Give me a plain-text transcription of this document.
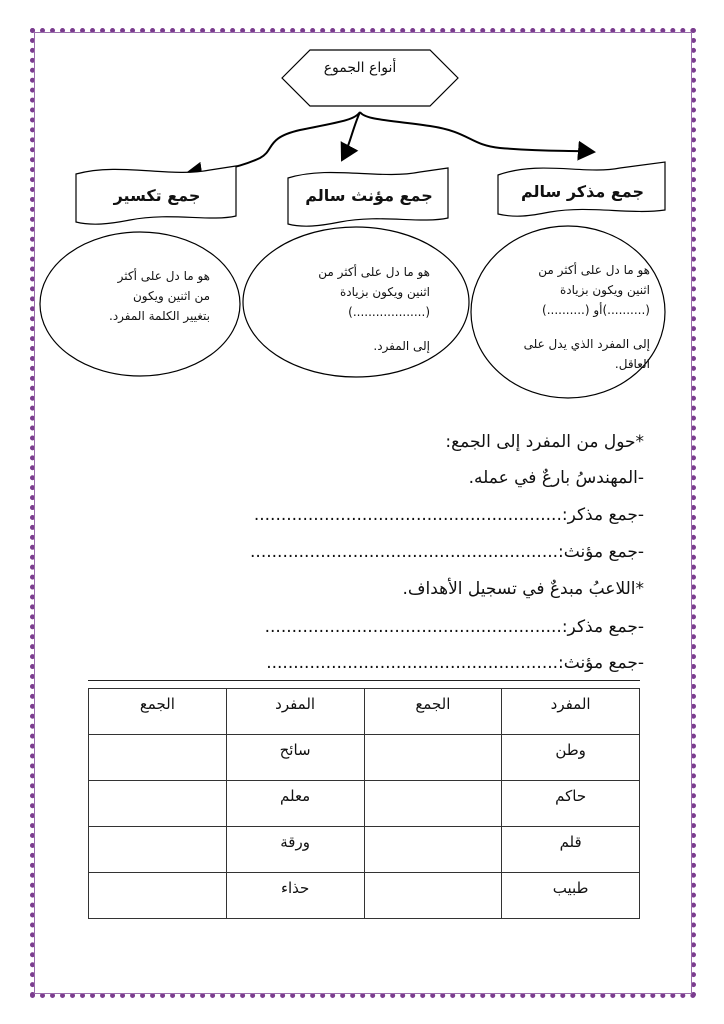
أنواع الجموع
جمع مذكر سالم
جمع مؤنث سالم
جمع تكسير
هو ما دل على أكثر من
اثنين ويكون بزيادة
(..........)أو (..........)
إلى المفرد الذي يدل على
العاقل.
هو ما دل على أكثر من
اثنين ويكون بزيادة
(...................)
إلى المفرد.
هو ما دل على أكثر
من اثنين ويكون
بتغيير الكلمة المفرد.
*حول من المفرد إلى الجمع:
-المهندسُ بارعٌ في عمله.
-جمع مذكر:.........................................................
-جمع مؤنث:.........................................................
*اللاعبُ مبدعٌ في تسجيل الأهداف.
-جمع مذكر:.......................................................
-جمع مؤنث:......................................................
المفرد	الجمع	المفرد	الجمع
وطن		سائح	
حاكم		معلم	
قلم		ورقة	
طبيب		حذاء	
